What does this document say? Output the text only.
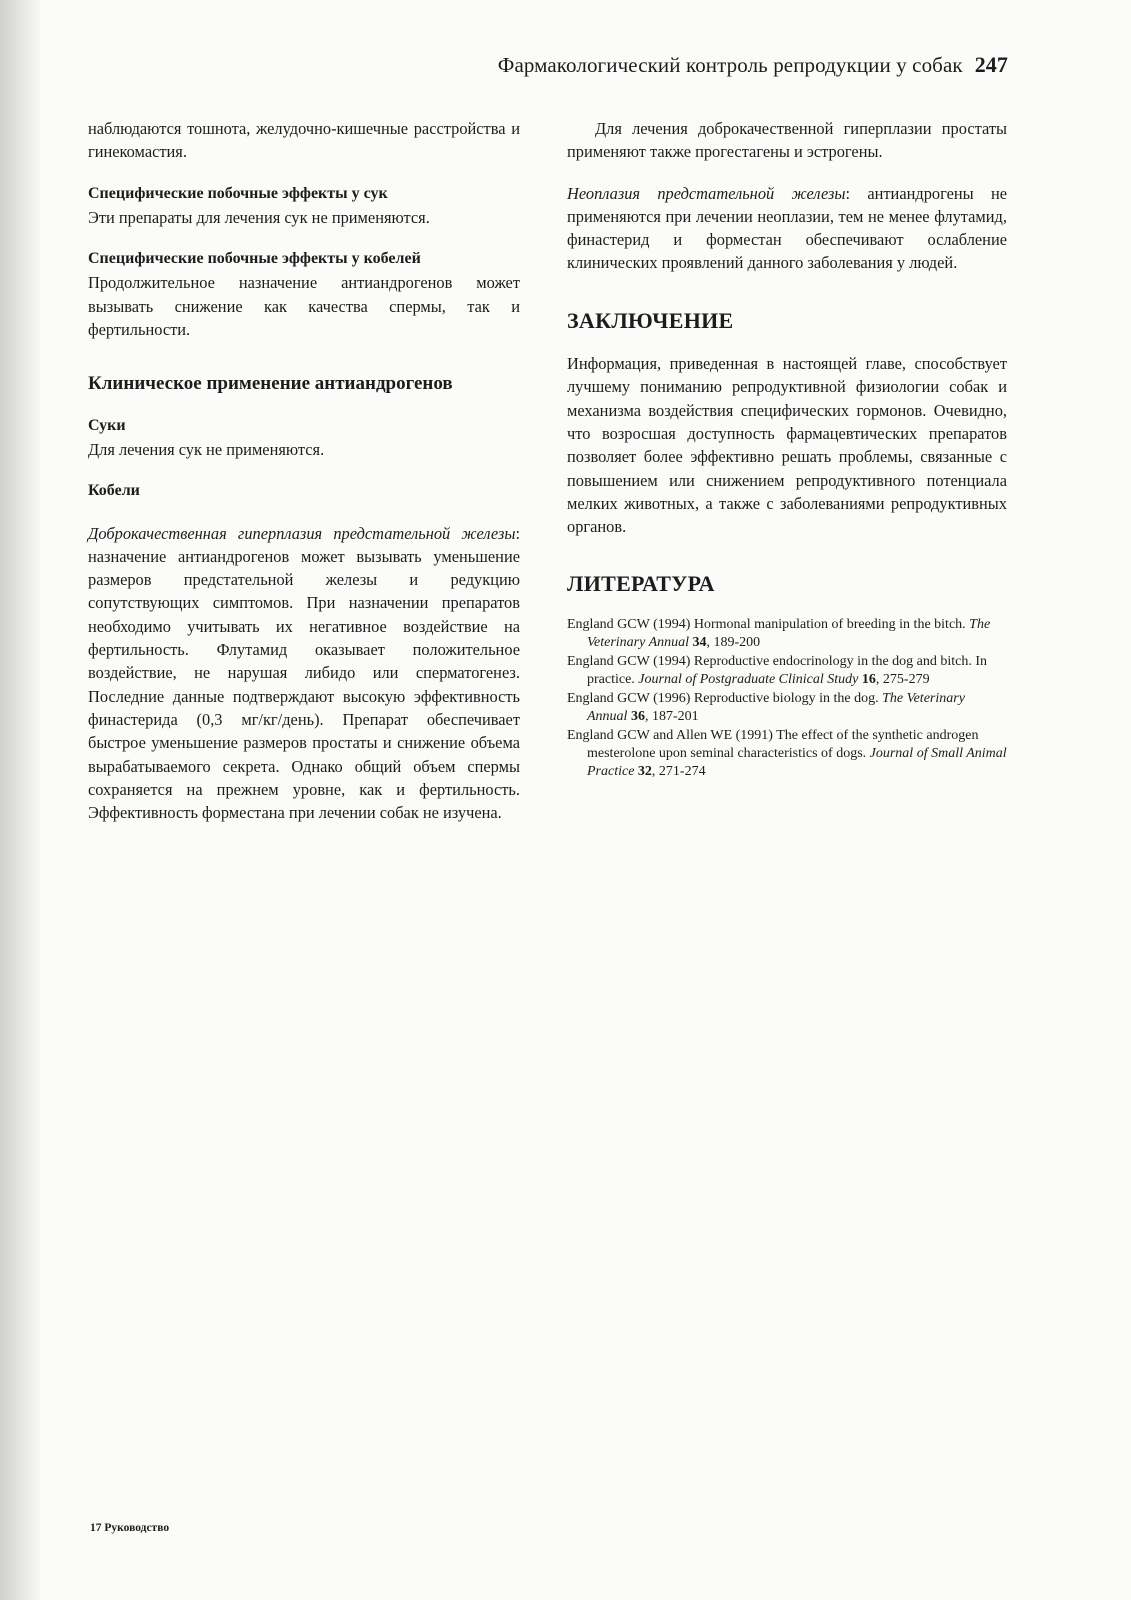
Фармакологический контроль репродукции у собак 247

наблюдаются тошнота, желудочно-кишечные расстройства и гинекомастия.

Специфические побочные эффекты у сук

Эти препараты для лечения сук не применяются.

Специфические побочные эффекты у кобелей

Продолжительное назначение антиандрогенов может вызывать снижение как качества спермы, так и фертильности.

Клиническое применение антиандрогенов
Суки

Для лечения сук не применяются.

Кобели

Доброкачественная гиперплазия предстательной железы: назначение антиандрогенов может вызывать уменьшение размеров предстательной железы и редукцию сопутствующих симптомов. При назначении препаратов необходимо учитывать их негативное воздействие на фертильность. Флутамид оказывает положительное воздействие, не нарушая либидо или сперматогенез. Последние данные подтверждают высокую эффективность финастерида (0,3 мг/кг/день). Препарат обеспечивает быстрое уменьшение размеров простаты и снижение объема вырабатываемого секрета. Однако общий объем спермы сохраняется на прежнем уровне, как и фертильность. Эффективность форместана при лечении собак не изучена.

Для лечения доброкачественной гиперплазии простаты применяют также прогестагены и эстрогены.

Неоплазия предстательной железы: антиандрогены не применяются при лечении неоплазии, тем не менее флутамид, финастерид и форместан обеспечивают ослабление клинических проявлений данного заболевания у людей.

ЗАКЛЮЧЕНИЕ

Информация, приведенная в настоящей главе, способствует лучшему пониманию репродуктивной физиологии собак и механизма воздействия специфических гормонов. Очевидно, что возросшая доступность фармацевтических препаратов позволяет более эффективно решать проблемы, связанные с повышением или снижением репродуктивного потенциала мелких животных, а также с заболеваниями репродуктивных органов.

ЛИТЕРАТУРА
England GCW (1994) Hormonal manipulation of breeding in the bitch. The Veterinary Annual 34, 189-200
England GCW (1994) Reproductive endocrinology in the dog and bitch. In practice. Journal of Postgraduate Clinical Study 16, 275-279
England GCW (1996) Reproductive biology in the dog. The Veterinary Annual 36, 187-201
England GCW and Allen WE (1991) The effect of the synthetic androgen mesterolone upon seminal characteristics of dogs. Journal of Small Animal Practice 32, 271-274
17 Руководство
